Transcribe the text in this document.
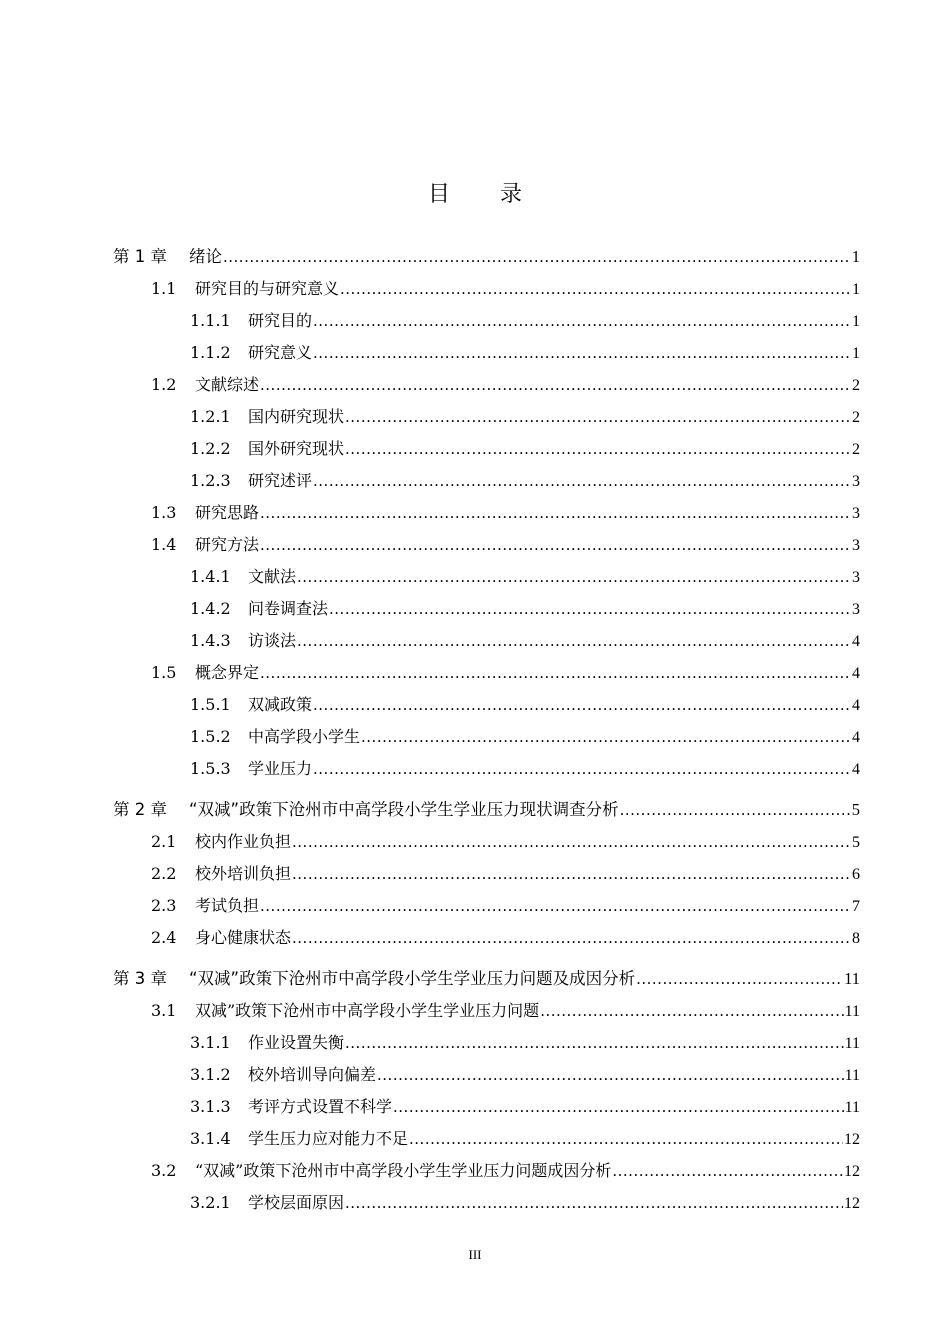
目录
第 1 章	绪论 .....	1
1.1	研究目的与研究意义 .....	1
1.1.1	研究目的 .....	1
1.1.2	研究意义 .....	1
1.2	文献综述 .....	2
1.2.1	国内研究现状 .....	2
1.2.2	国外研究现状 .....	2
1.2.3	研究述评 .....	3
1.3	研究思路 .....	3
1.4	研究方法 .....	3
1.4.1	文献法 .....	3
1.4.2	问卷调查法 .....	3
1.4.3	访谈法 .....	4
1.5	概念界定 .....	4
1.5.1	双减政策 .....	4
1.5.2	中高学段小学生 .....	4
1.5.3	学业压力 .....	4
第 2 章	“双减”政策下沧州市中高学段小学生学业压力现状调查分析 .....	5
2.1	校内作业负担 .....	5
2.2	校外培训负担 .....	6
2.3	考试负担 .....	7
2.4	身心健康状态 .....	8
第 3 章	“双减”政策下沧州市中高学段小学生学业压力问题及成因分析 .....	11
3.1	双减”政策下沧州市中高学段小学生学业压力问题 .....	11
3.1.1	作业设置失衡 .....	11
3.1.2	校外培训导向偏差 .....	11
3.1.3	考评方式设置不科学 .....	11
3.1.4	学生压力应对能力不足 .....	12
3.2	“双减”政策下沧州市中高学段小学生学业压力问题成因分析 .....	12
3.2.1	学校层面原因 .....	12
III
